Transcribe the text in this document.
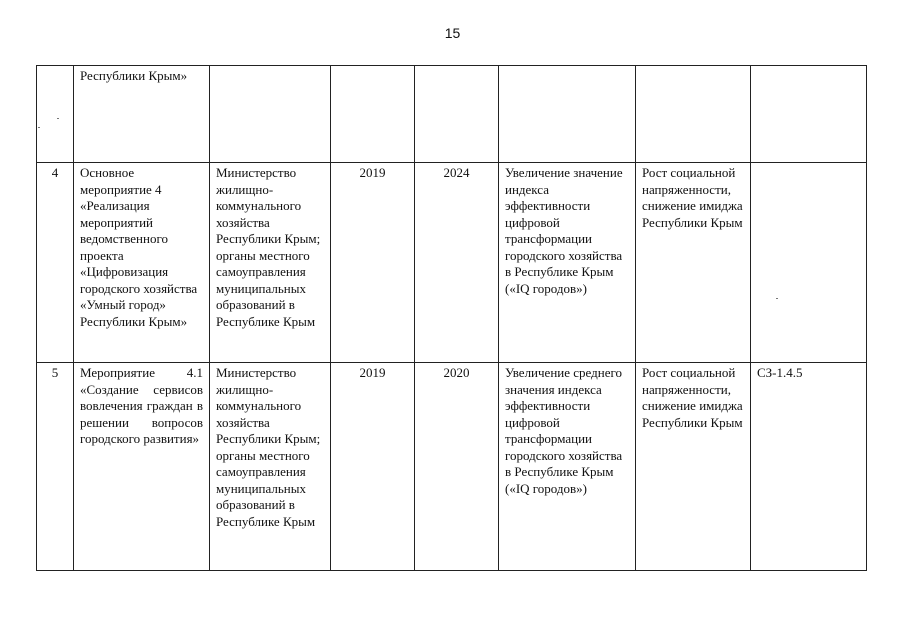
15
	Республики Крым»						
4	Основное мероприятие 4 «Реализация мероприятий ведомственного проекта «Цифровизация городского хозяйства «Умный город» Республики Крым»	Министерство жилищно-коммунального хозяйства Республики Крым; органы местного самоуправления муниципальных образований в Республике Крым	2019	2024	Увеличение значение индекса эффективности цифровой трансформации городского хозяйства в Республике Крым («IQ городов»)	Рост социальной напряженности, снижение имиджа Республики Крым	
5	Мероприятие 4.1 «Создание сервисов вовлечения граждан в решении вопросов городского развития»	Министерство жилищно-коммунального хозяйства Республики Крым; органы местного самоуправления муниципальных образований в Республике Крым	2019	2020	Увеличение среднего значения индекса эффективности цифровой трансформации городского хозяйства в Республике Крым («IQ городов»)	Рост социальной напряженности, снижение имиджа Республики Крым	СЗ-1.4.5
